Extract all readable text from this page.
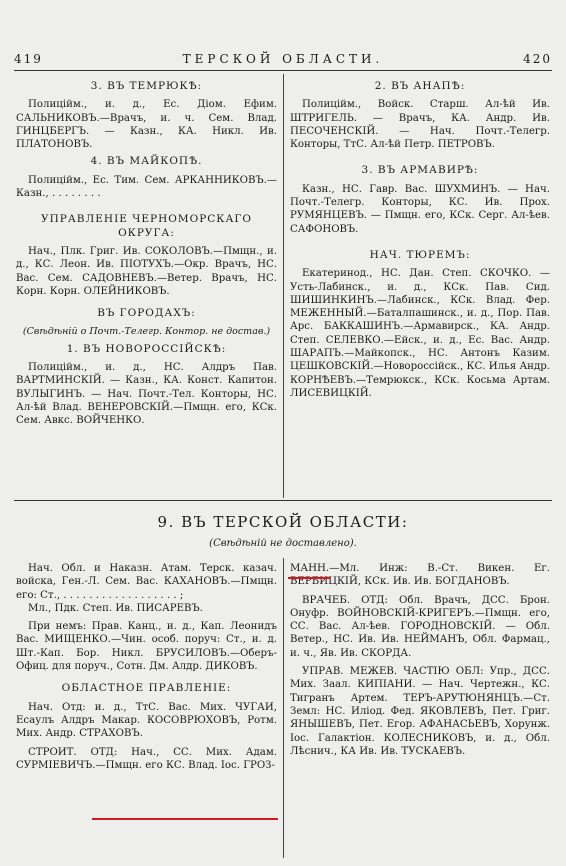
419	ТЕРСКОЙ ОБЛАСТИ.	420

3. ВЪ ТЕМРЮКѢ:

Полицiйм., и. д., Ес. Дiом. Ефим. САЛЬНИКОВЪ.—Врачъ, и. ч. Сем. Влад. ГИНЦБЕРГЪ. — Казн., КА. Никл. Ив. ПЛАТОНОВЪ.

4. ВЪ МАЙКОПѢ.

Полицiйм., Ес. Тим. Сем. АРКАННИКОВЪ.—Казн., . . . . . . . .

УПРАВЛЕНIЕ ЧЕРНОМОРСКАГО ОКРУГА:

Нач., Плк. Григ. Ив. СОКОЛОВЪ.—Пмщн., и. д., КС. Леон. Ив. ПIОТУХЪ.—Окр. Врачъ, НС. Вас. Сем. САДОВНЕВЪ.—Ветер. Врачъ, НС. Корн. Корн. ОЛЕЙНИКОВЪ.

ВЪ ГОРОДАХЪ:

(Свѣдѣнiй о Почт.-Телегр. Контор. не достав.)

1. ВЪ НОВОРОССIЙСКѢ:

Полицiйм., и. д., НС. Алдръ Пав. ВАРТМИНСКIЙ. — Казн., КА. Конст. Капитон. ВУЛЫГИНЪ. — Нач. Почт.-Тел. Конторы, НС. Ал-ѣй Влад. ВЕНЕРОВСКIЙ.—Пмщн. его, КСк. Сем. Авкс. ВОЙЧЕНКО.

2. ВЪ АНАПѢ:

Полицiйм., Войск. Старш. Ал-ѣй Ив. ШТРИГЕЛЬ. — Врачъ, КА. Андр. Ив. ПЕСОЧЕНСКIЙ. — Нач. Почт.-Телегр. Конторы, ТтС. Ал-ѣй Петр. ПЕТРОВЪ.

3. ВЪ АРМАВИРѢ:

Казн., НС. Гавр. Вас. ШУХМИНЪ. — Нач. Почт.-Телегр. Конторы, КС. Ив. Прох. РУМЯНЦЕВЪ. — Пмщн. его, КСк. Серг. Ал-ѣев. САФОНОВЪ.

НАЧ. ТЮРЕМЪ:

Екатеринод., НС. Дан. Степ. СКОЧКО. — Усть-Лабинск., и. д., КСк. Пав. Сид. ШИШИНКИНЪ.—Лабинск., КСк. Влад. Фер. МЕЖЕННЫЙ.—Баталпашинск., и. д., Пор. Пав. Арс. БАККАШИНЪ.—Армавирск., КА. Андр. Степ. СЕЛЕВКО.—Ейск., и. д., Ес. Вас. Андр. ШАРАПЪ.—Майкопск., НС. Антонъ Казим. ЦЕШКОВСКIЙ.—Новороссiйск., КС. Илья Андр. КОРНѢЕВЪ.—Темрюкск., КСк. Косьма Артам. ЛИСЕВИЦКIЙ.

9. ВЪ ТЕРСКОЙ ОБЛАСТИ:
(Свѣдѣнiй не доставлено).

Нач. Обл. и Наказн. Атам. Терск. казач. войска, Ген.-Л. Сем. Вас. КАХАНОВЪ.—Пмщн. его: Ст., . . . . . . . . . . . . . . . . . . ;

Мл., Пдк. Степ. Ив. ПИСАРЕВЪ.

При немъ: Прав. Канц., и. д., Кап. Леонидъ Вас. МИЩЕНКО.—Чин. особ. поруч: Ст., и. д. Шт.-Кап. Бор. Никл. БРУСИЛОВЪ.—Оберъ-Офиц. для поруч., Сотн. Дм. Алдр. ДИКОВЪ.

ОБЛАСТНОЕ ПРАВЛЕНIЕ:

Нач. Отд: и. д., ТтС. Вас. Мих. ЧУГАИ, Есаулъ Алдръ Макар. КОСОВРЮХОВЪ, Ротм. Мих. Андр. СТРАХОВЪ.

СТРОИТ. ОТД: Нач., СС. Мих. Адам. СУРМIЕВИЧЪ.—Пмщн. его КС. Влад. Iос. ГРОЗ-

МАНН.—Мл. Инж: В.-Ст. Викен. Ег. ВЕРБИЦКIЙ, КСк. Ив. Ив. БОГДАНОВЪ.

ВРАЧЕБ. ОТД: Обл. Врачъ, ДСС. Брон. Онуфр. ВОЙНОВСКIЙ-КРИГЕРЪ.—Пмщн. его, СС. Вас. Ал-ѣев. ГОРОДНОВСКIЙ. — Обл. Ветер., НС. Ив. Ив. НЕЙМАНЪ, Обл. Фармац., и. ч., Яв. Ив. СКОРДА.

УПРАВ. МЕЖЕВ. ЧАСТIЮ ОБЛ: Упр., ДСС. Мих. Заал. КИПIАНИ. — Нач. Чертежн., КС. Тигранъ Артем. ТЕРЪ-АРУТЮНЯНЦЪ.—Ст. Земл: НС. Илiод. Фед. ЯКОВЛЕВЪ, Пет. Григ. ЯНЫШЕВЪ, Пет. Егор. АФАНАСЬЕВЪ, Хорунж. Iос. Галактiон. КОЛЕСНИКОВЪ, и. д., Обл. Лѣснич., КА Ив. Ив. ТУСКАЕВЪ.
